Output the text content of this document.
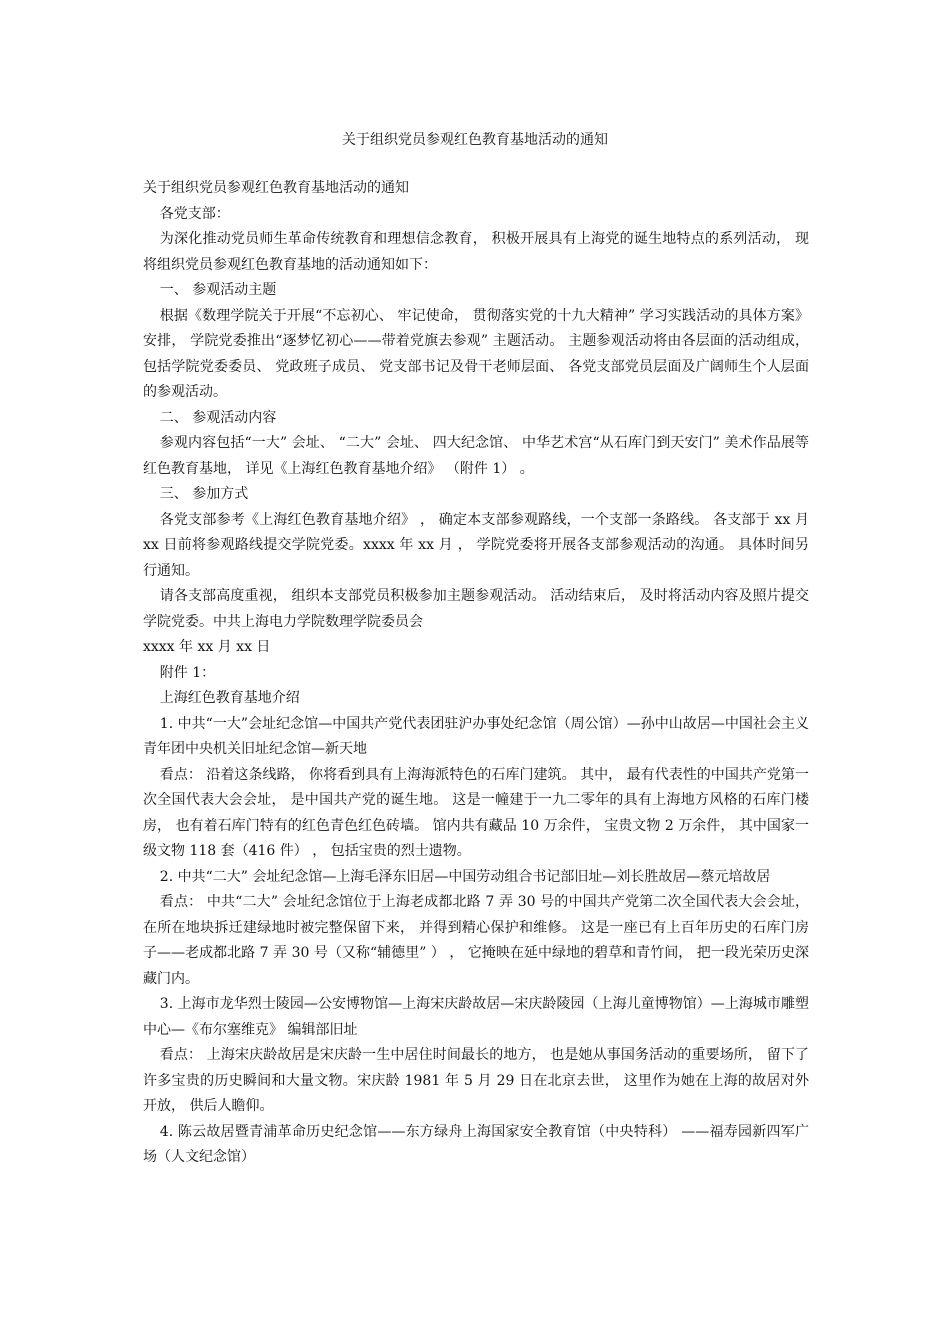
关于组织党员参观红色教育基地活动的通知

关于组织党员参观红色教育基地活动的通知

各党支部：

为深化推动党员师生革命传统教育和理想信念教育， 积极开展具有上海党的诞生地特点的系列活动， 现将组织党员参观红色教育基地的活动通知如下：

一、 参观活动主题

根据《数理学院关于开展“不忘初心、 牢记使命， 贯彻落实党的十九大精神” 学习实践活动的具体方案》 安排， 学院党委推出“逐梦忆初心——带着党旗去参观” 主题活动。 主题参观活动将由各层面的活动组成， 包括学院党委委员、 党政班子成员、 党支部书记及骨干老师层面、 各党支部党员层面及广阔师生个人层面的参观活动。

二、 参观活动内容

参观内容包括“一大” 会址、 “二大” 会址、 四大纪念馆、 中华艺术宫“从石库门到天安门” 美术作品展等红色教育基地， 详见《上海红色教育基地介绍》 （附件 1） 。

三、 参加方式

各党支部参考《上海红色教育基地介绍》 ， 确定本支部参观路线，一个支部一条路线。 各支部于 xx 月 xx 日前将参观路线提交学院党委。xxxx 年 xx 月 ， 学院党委将开展各支部参观活动的沟通。 具体时间另行通知。

请各支部高度重视， 组织本支部党员积极参加主题参观活动。 活动结束后， 及时将活动内容及照片提交学院党委。中共上海电力学院数理学院委员会

xxxx 年 xx 月 xx 日

附件 1：

上海红色教育基地介绍

1. 中共“一大”会址纪念馆—中国共产党代表团驻沪办事处纪念馆（周公馆）—孙中山故居—中国社会主义青年团中央机关旧址纪念馆—新天地

看点： 沿着这条线路， 你将看到具有上海海派特色的石库门建筑。 其中， 最有代表性的中国共产党第一次全国代表大会会址， 是中国共产党的诞生地。 这是一幢建于一九二零年的具有上海地方风格的石库门楼房， 也有着石库门特有的红色青色红色砖墙。 馆内共有藏品 10 万余件， 宝贵文物 2 万余件， 其中国家一级文物 118 套（416 件） ， 包括宝贵的烈士遗物。

2. 中共“二大” 会址纪念馆—上海毛泽东旧居—中国劳动组合书记部旧址—刘长胜故居—蔡元培故居

看点： 中共“二大” 会址纪念馆位于上海老成都北路 7 弄 30 号的中国共产党第二次全国代表大会会址， 在所在地块拆迁建绿地时被完整保留下来， 并得到精心保护和维修。 这是一座已有上百年历史的石库门房子——老成都北路 7 弄 30 号（又称“辅德里” ） ， 它掩映在延中绿地的碧草和青竹间， 把一段光荣历史深藏门内。

3. 上海市龙华烈士陵园—公安博物馆—上海宋庆龄故居—宋庆龄陵园（上海儿童博物馆）—上海城市雕塑中心—《布尔塞维克》 编辑部旧址

看点： 上海宋庆龄故居是宋庆龄一生中居住时间最长的地方， 也是她从事国务活动的重要场所， 留下了许多宝贵的历史瞬间和大量文物。宋庆龄 1981 年 5 月 29 日在北京去世， 这里作为她在上海的故居对外开放， 供后人瞻仰。

4. 陈云故居暨青浦革命历史纪念馆——东方绿舟上海国家安全教育馆（中央特科） ——福寿园新四军广场（人文纪念馆）
